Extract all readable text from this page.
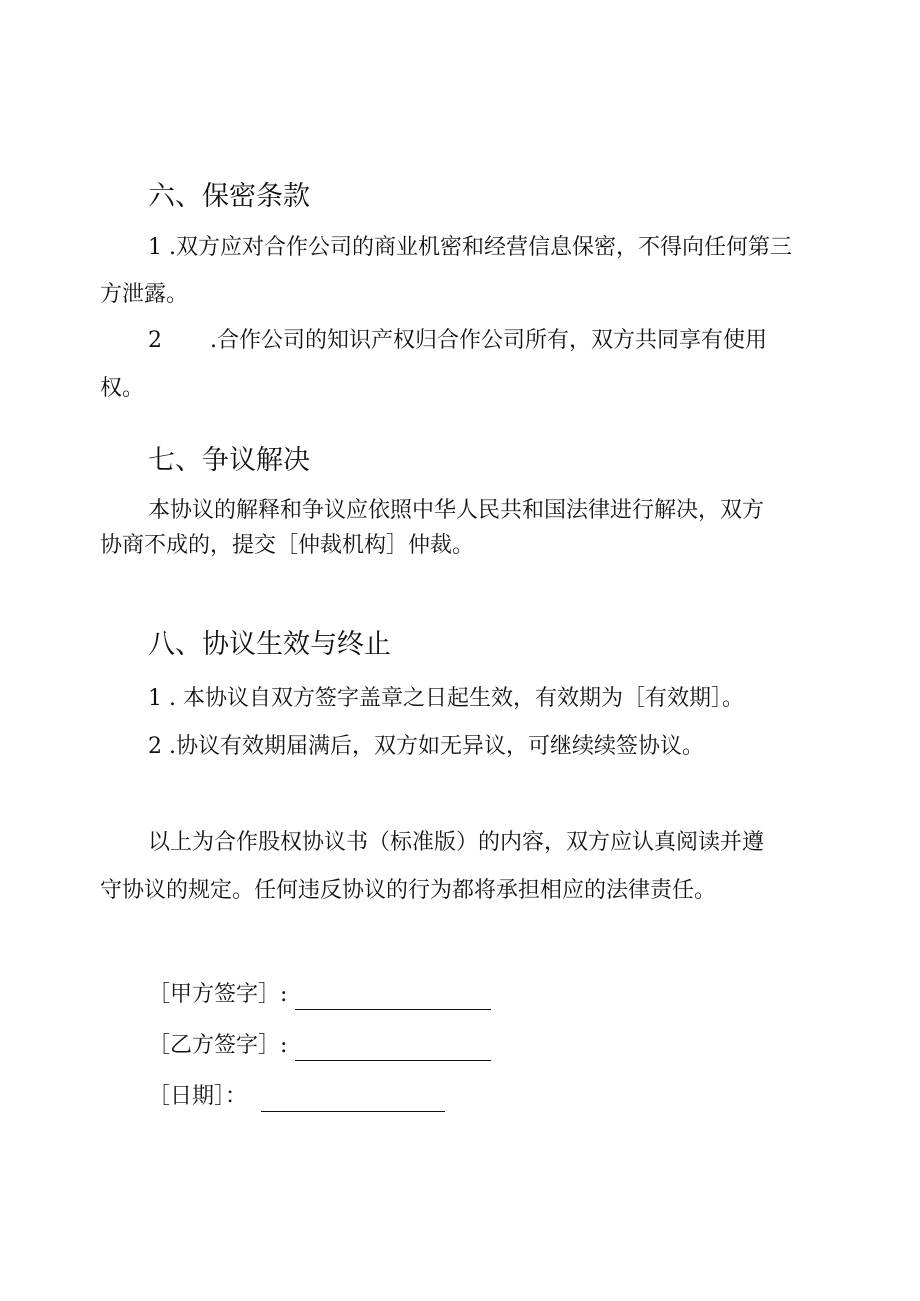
六、保密条款
1 .双方应对合作公司的商业机密和经营信息保密，不得向任何第三
方泄露。
2 .合作公司的知识产权归合作公司所有，双方共同享有使用
权。
七、争议解决
本协议的解释和争议应依照中华人民共和国法律进行解决，双方
协商不成的，提交［仲裁机构］仲裁。
八、协议生效与终止
1 . 本协议自双方签字盖章之日起生效，有效期为［有效期］。
2 .协议有效期届满后，双方如无异议，可继续续签协议。
以上为合作股权协议书（标准版）的内容，双方应认真阅读并遵
守协议的规定。任何违反协议的行为都将承担相应的法律责任。
［甲方签字］:
［乙方签字］:
［日期］：
